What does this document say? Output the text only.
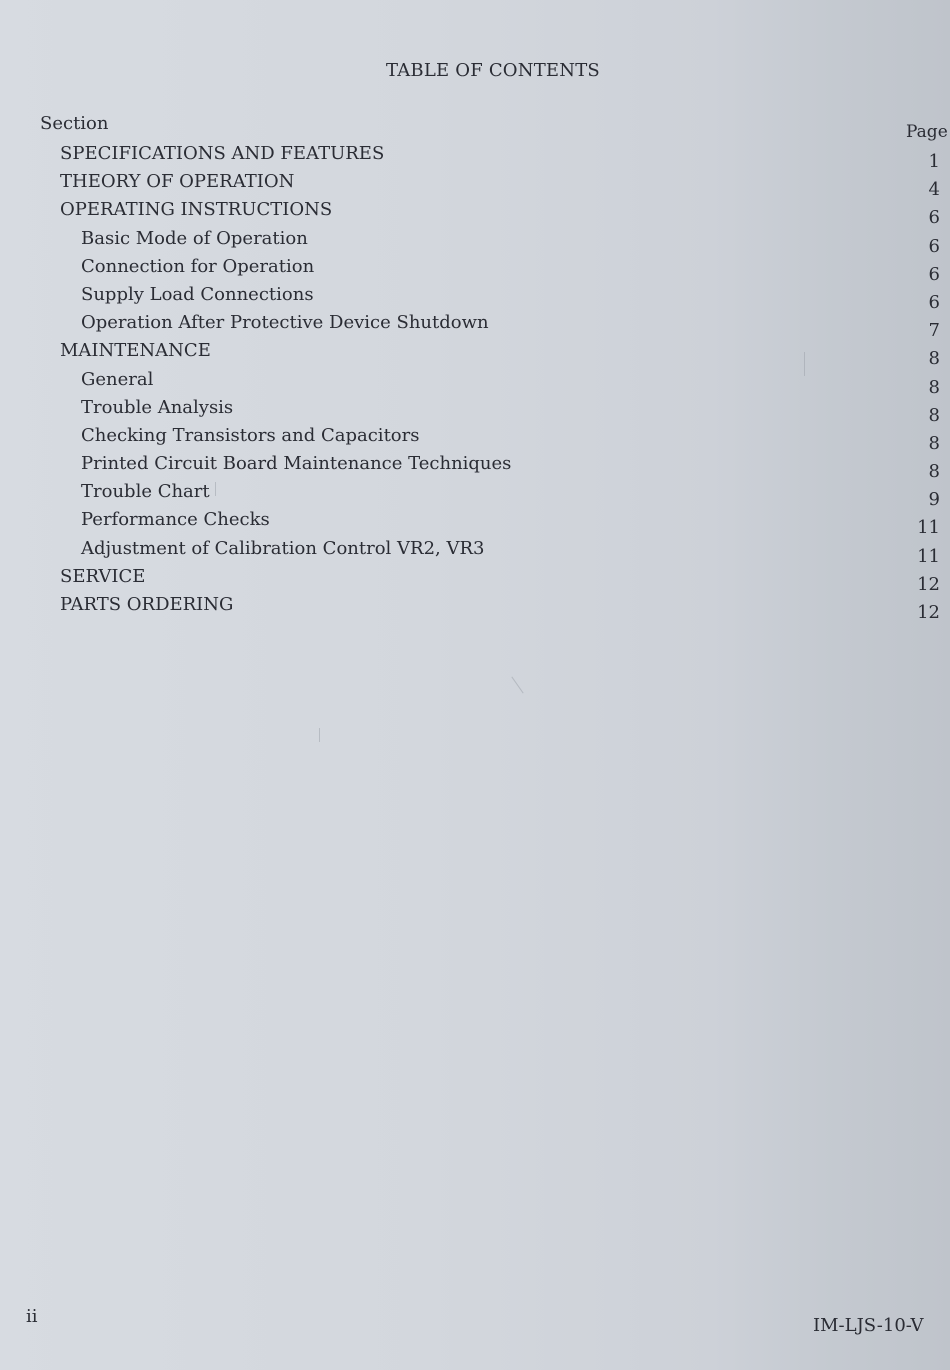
TABLE OF CONTENTS
Section	Page
SPECIFICATIONS AND FEATURES	1
THEORY OF OPERATION	4
OPERATING INSTRUCTIONS	6
Basic Mode of Operation	6
Connection for Operation	6
Supply Load Connections	6
Operation After Protective Device Shutdown	7
MAINTENANCE	8
General	8
Trouble Analysis	8
Checking Transistors and Capacitors	8
Printed Circuit Board Maintenance Techniques	8
Trouble Chart	9
Performance Checks	11
Adjustment of Calibration Control VR2, VR3	11
SERVICE	12
PARTS ORDERING	12
ii	IM-LJS-10-V
